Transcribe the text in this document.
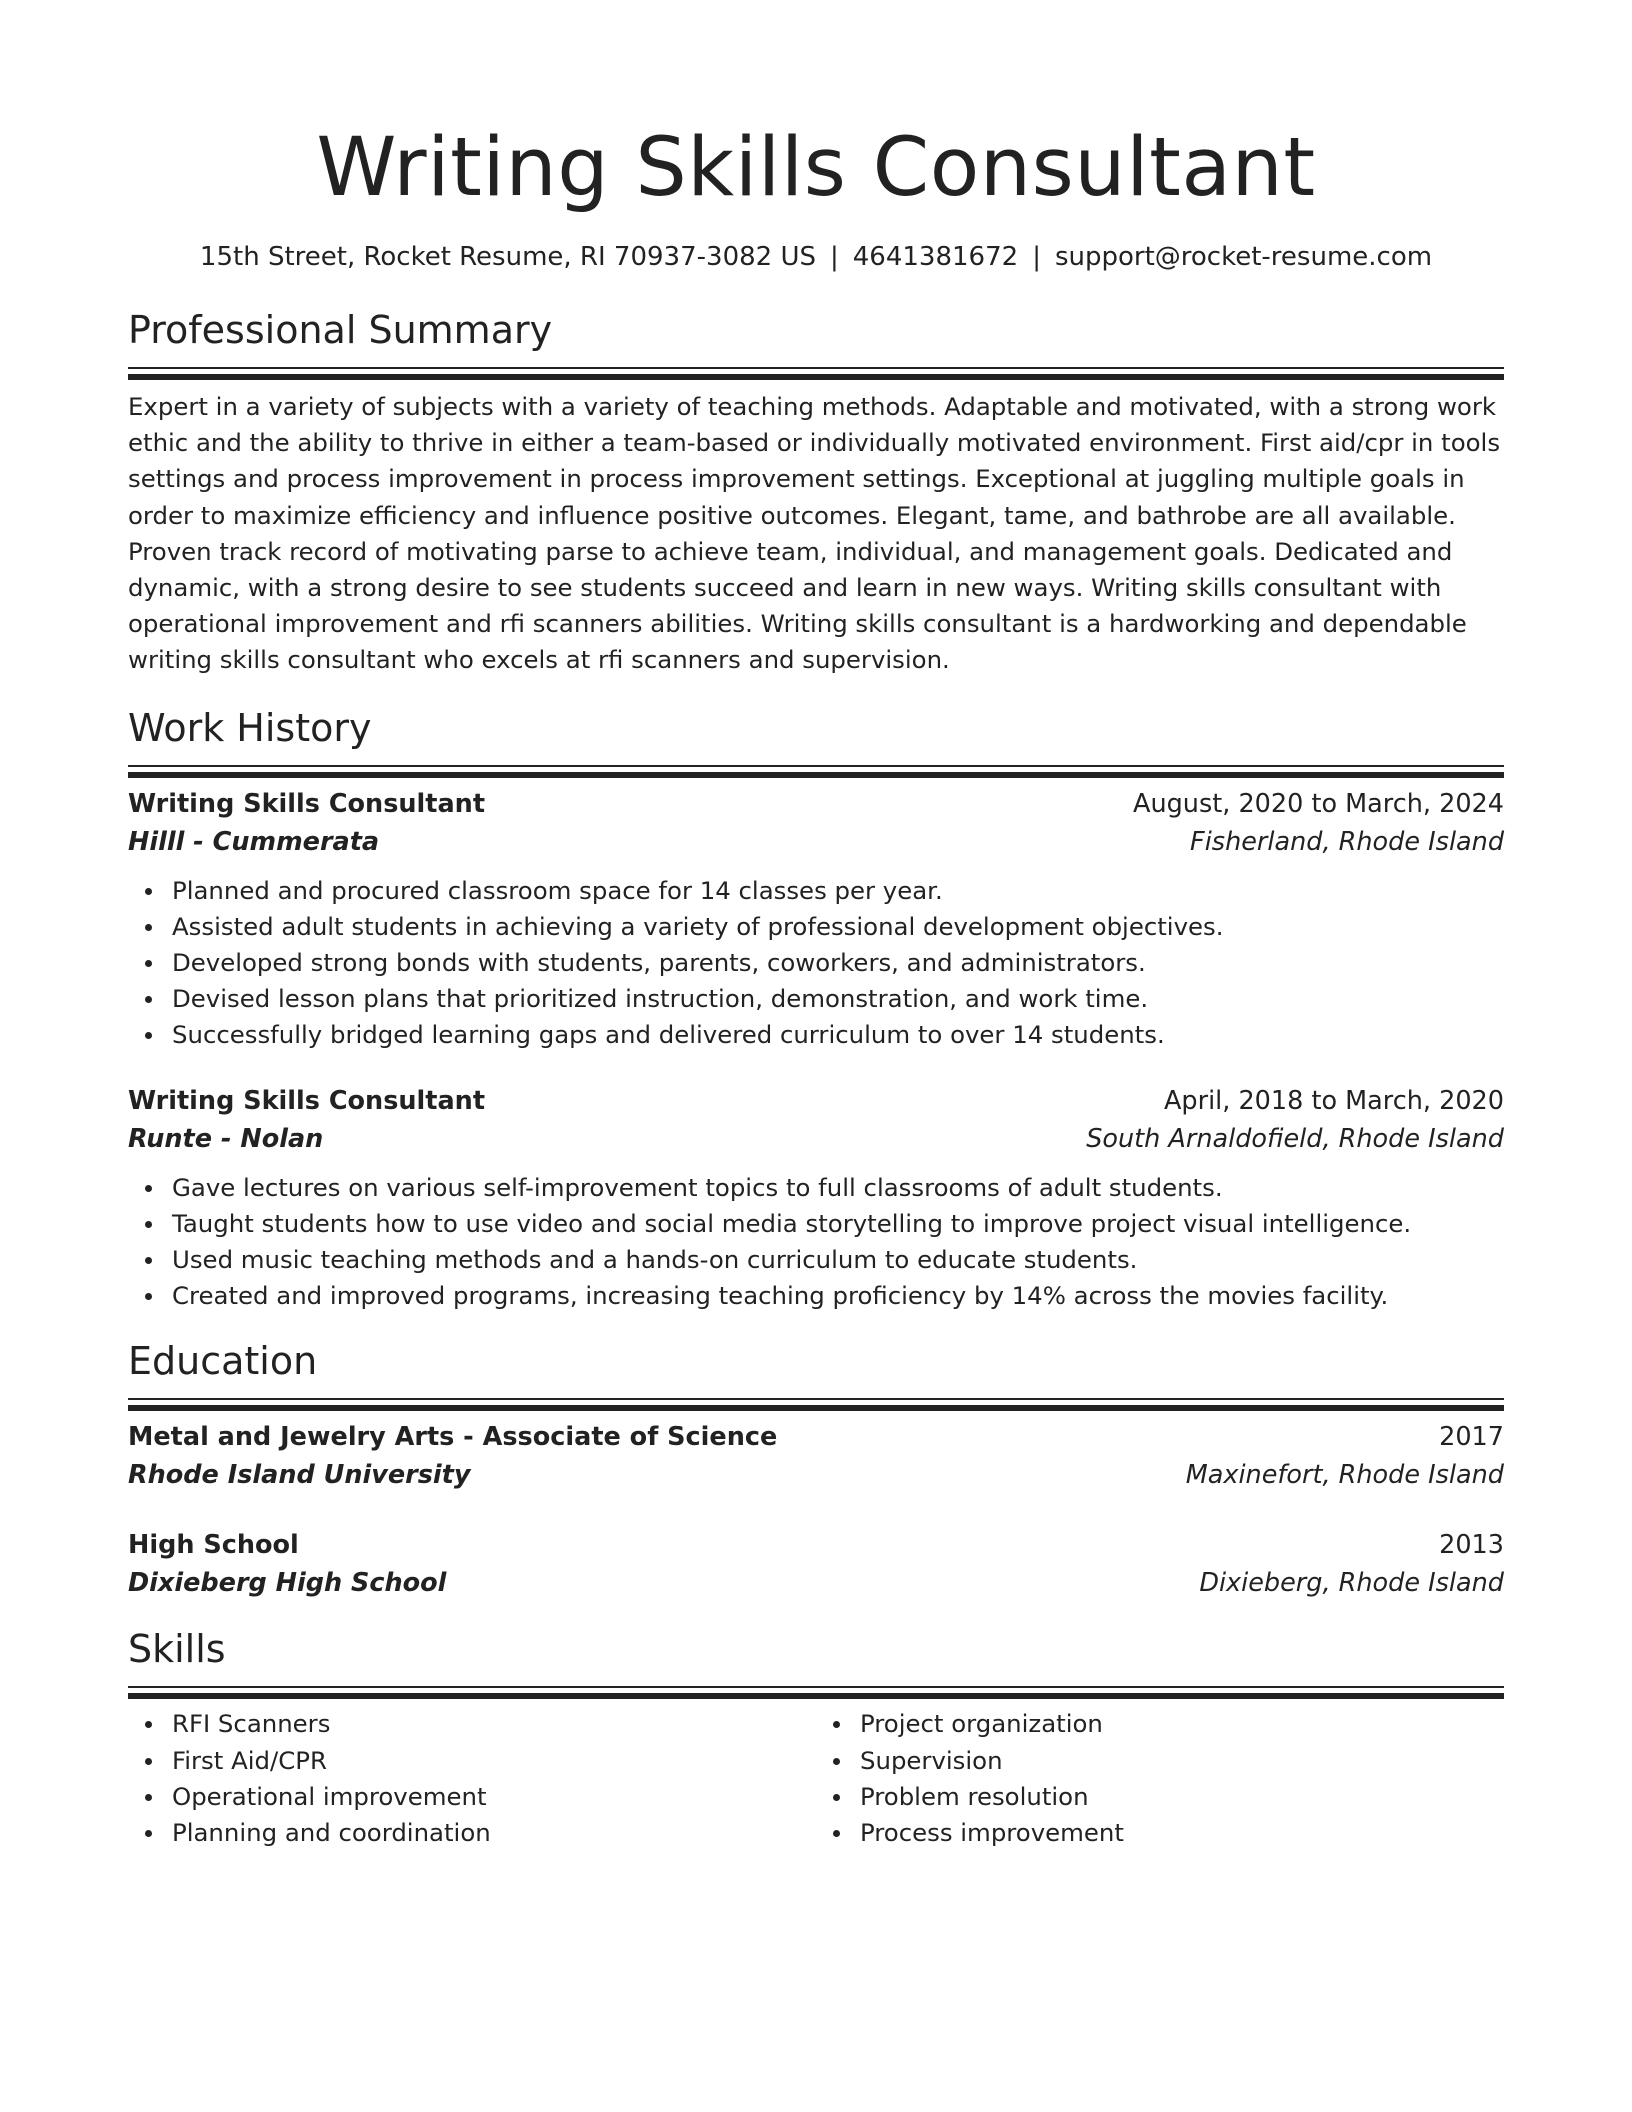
Writing Skills Consultant
15th Street, Rocket Resume, RI 70937-3082 US | 4641381672 | support@rocket-resume.com
Professional Summary
Expert in a variety of subjects with a variety of teaching methods. Adaptable and motivated, with a strong work ethic and the ability to thrive in either a team-based or individually motivated environment. First aid/cpr in tools settings and process improvement in process improvement settings. Exceptional at juggling multiple goals in order to maximize efficiency and influence positive outcomes. Elegant, tame, and bathrobe are all available. Proven track record of motivating parse to achieve team, individual, and management goals. Dedicated and dynamic, with a strong desire to see students succeed and learn in new ways. Writing skills consultant with operational improvement and rfi scanners abilities. Writing skills consultant is a hardworking and dependable writing skills consultant who excels at rfi scanners and supervision.
Work History
Writing Skills Consultant	August, 2020 to March, 2024
Hilll - Cummerata	Fisherland, Rhode Island
Planned and procured classroom space for 14 classes per year.
Assisted adult students in achieving a variety of professional development objectives.
Developed strong bonds with students, parents, coworkers, and administrators.
Devised lesson plans that prioritized instruction, demonstration, and work time.
Successfully bridged learning gaps and delivered curriculum to over 14 students.
Writing Skills Consultant	April, 2018 to March, 2020
Runte - Nolan	South Arnaldofield, Rhode Island
Gave lectures on various self-improvement topics to full classrooms of adult students.
Taught students how to use video and social media storytelling to improve project visual intelligence.
Used music teaching methods and a hands-on curriculum to educate students.
Created and improved programs, increasing teaching proficiency by 14% across the movies facility.
Education
Metal and Jewelry Arts - Associate of Science	2017
Rhode Island University	Maxinefort, Rhode Island
High School	2013
Dixieberg High School	Dixieberg, Rhode Island
Skills
RFI Scanners
First Aid/CPR
Operational improvement
Planning and coordination
Project organization
Supervision
Problem resolution
Process improvement
